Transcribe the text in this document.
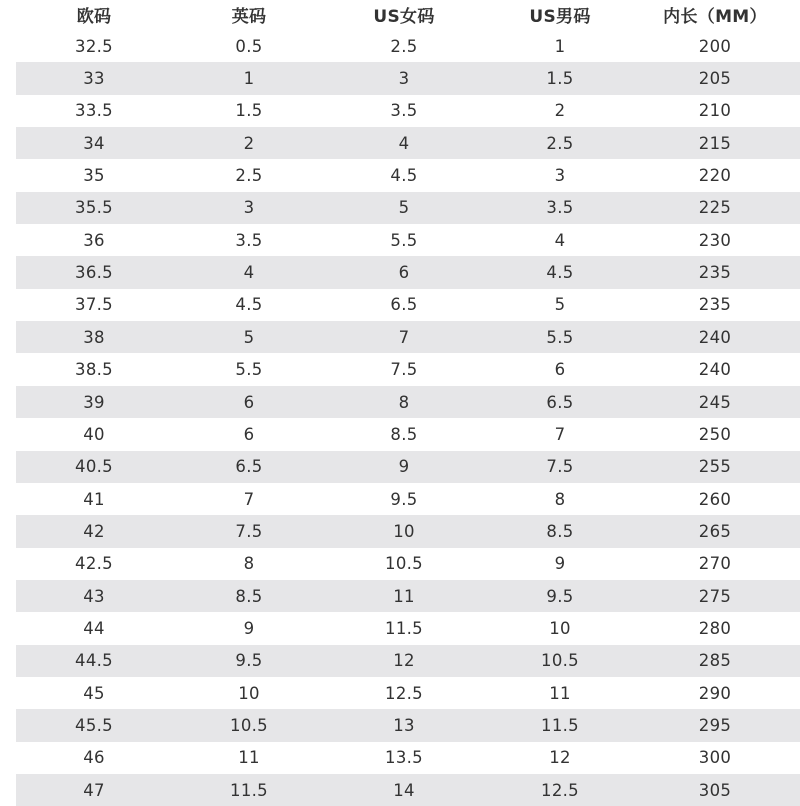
欧码	英码	US女码	US男码	内长（MM）
32.5	0.5	2.5	1	200
33	1	3	1.5	205
33.5	1.5	3.5	2	210
34	2	4	2.5	215
35	2.5	4.5	3	220
35.5	3	5	3.5	225
36	3.5	5.5	4	230
36.5	4	6	4.5	235
37.5	4.5	6.5	5	235
38	5	7	5.5	240
38.5	5.5	7.5	6	240
39	6	8	6.5	245
40	6	8.5	7	250
40.5	6.5	9	7.5	255
41	7	9.5	8	260
42	7.5	10	8.5	265
42.5	8	10.5	9	270
43	8.5	11	9.5	275
44	9	11.5	10	280
44.5	9.5	12	10.5	285
45	10	12.5	11	290
45.5	10.5	13	11.5	295
46	11	13.5	12	300
47	11.5	14	12.5	305
